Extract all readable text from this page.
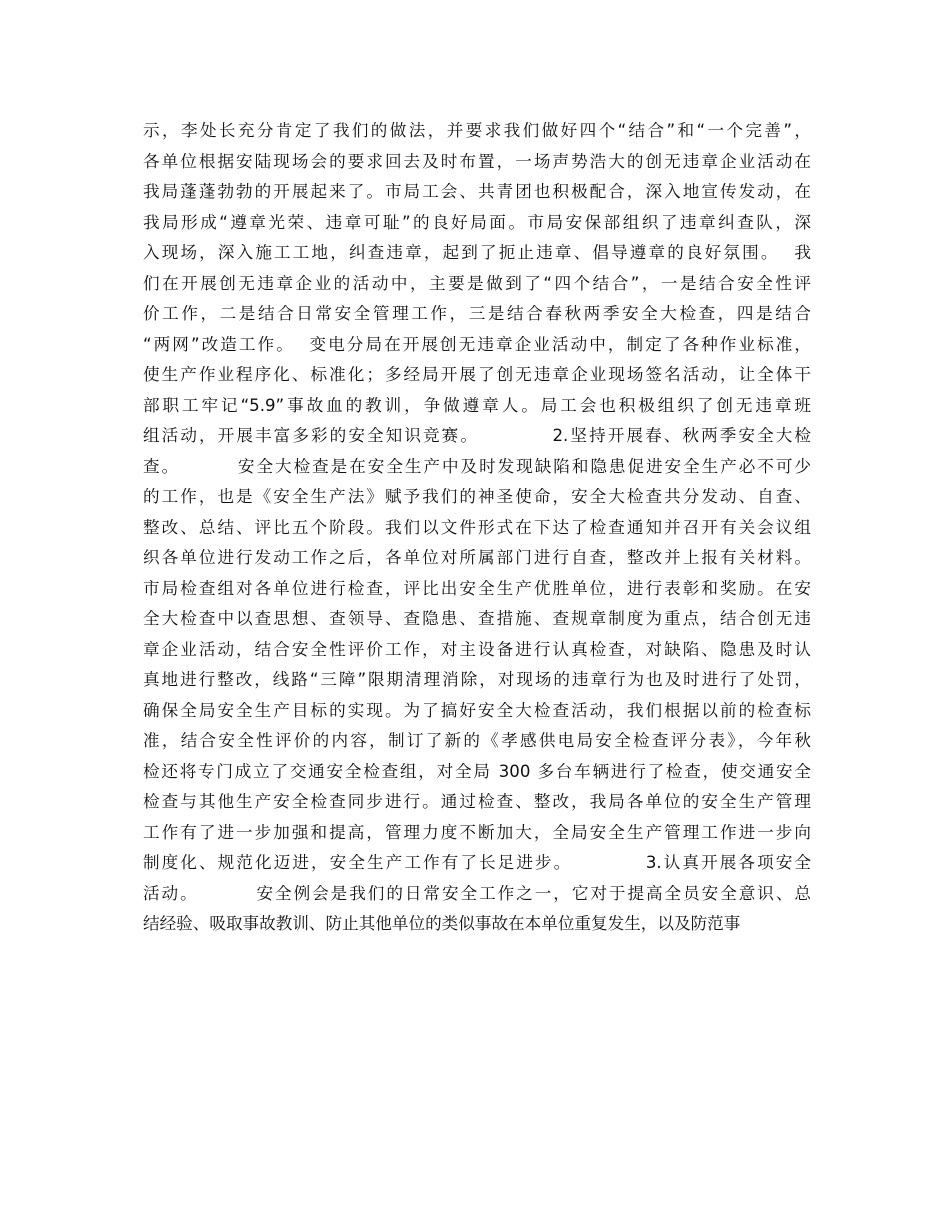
示，李处长充分肯定了我们的做法，并要求我们做好四个“结合”和“一个完善”，
各单位根据安陆现场会的要求回去及时布置，一场声势浩大的创无违章企业活动在
我局蓬蓬勃勃的开展起来了。市局工会、共青团也积极配合，深入地宣传发动，在
我局形成“遵章光荣、违章可耻”的良好局面。市局安保部组织了违章纠查队，深
入现场，深入施工工地，纠查违章，起到了扼止违章、倡导遵章的良好氛围。  我
们在开展创无违章企业的活动中，主要是做到了“四个结合”，一是结合安全性评
价工作，二是结合日常安全管理工作，三是结合春秋两季安全大检查，四是结合
“两网”改造工作。  变电分局在开展创无违章企业活动中，制定了各种作业标准，
使生产作业程序化、标准化；多经局开展了创无违章企业现场签名活动，让全体干
部职工牢记“5.9”事故血的教训，争做遵章人。局工会也积极组织了创无违章班
组活动，开展丰富多彩的安全知识竞赛。          2.坚持开展春、秋两季安全大检
查。        安全大检查是在安全生产中及时发现缺陷和隐患促进安全生产必不可少
的工作，也是《安全生产法》赋予我们的神圣使命，安全大检查共分发动、自查、
整改、总结、评比五个阶段。我们以文件形式在下达了检查通知并召开有关会议组
织各单位进行发动工作之后，各单位对所属部门进行自查，整改并上报有关材料。
市局检查组对各单位进行检查，评比出安全生产优胜单位，进行表彰和奖励。在安
全大检查中以查思想、查领导、查隐患、查措施、查规章制度为重点，结合创无违
章企业活动，结合安全性评价工作，对主设备进行认真检查，对缺陷、隐患及时认
真地进行整改，线路“三障”限期清理消除，对现场的违章行为也及时进行了处罚，
确保全局安全生产目标的实现。为了搞好安全大检查活动，我们根据以前的检查标
准，结合安全性评价的内容，制订了新的《孝感供电局安全检查评分表》，今年秋
检还将专门成立了交通安全检查组，对全局 300 多台车辆进行了检查，使交通安全
检查与其他生产安全检查同步进行。通过检查、整改，我局各单位的安全生产管理
工作有了进一步加强和提高，管理力度不断加大，全局安全生产管理工作进一步向
制度化、规范化迈进，安全生产工作有了长足进步。          3.认真开展各项安全
活动。        安全例会是我们的日常安全工作之一，它对于提高全员安全意识、总
结经验、吸取事故教训、防止其他单位的类似事故在本单位重复发生，以及防范事
